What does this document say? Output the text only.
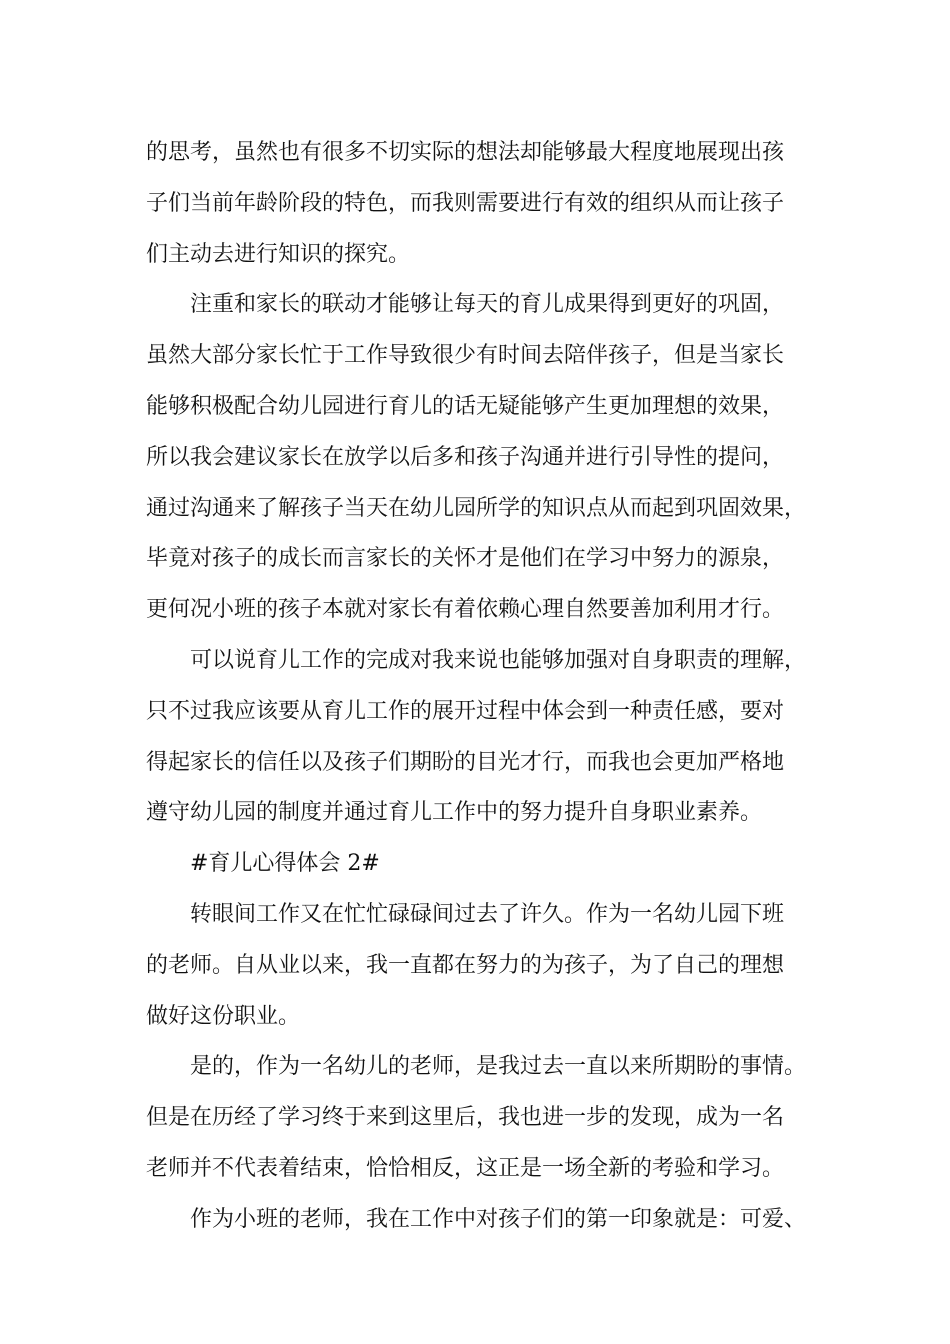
的思考，虽然也有很多不切实际的想法却能够最大程度地展现出孩
子们当前年龄阶段的特色，而我则需要进行有效的组织从而让孩子
们主动去进行知识的探究。
注重和家长的联动才能够让每天的育儿成果得到更好的巩固，
虽然大部分家长忙于工作导致很少有时间去陪伴孩子，但是当家长
能够积极配合幼儿园进行育儿的话无疑能够产生更加理想的效果，
所以我会建议家长在放学以后多和孩子沟通并进行引导性的提问，
通过沟通来了解孩子当天在幼儿园所学的知识点从而起到巩固效果，
毕竟对孩子的成长而言家长的关怀才是他们在学习中努力的源泉，
更何况小班的孩子本就对家长有着依赖心理自然要善加利用才行。
可以说育儿工作的完成对我来说也能够加强对自身职责的理解，
只不过我应该要从育儿工作的展开过程中体会到一种责任感，要对
得起家长的信任以及孩子们期盼的目光才行，而我也会更加严格地
遵守幼儿园的制度并通过育儿工作中的努力提升自身职业素养。
#育儿心得体会 2#
转眼间工作又在忙忙碌碌间过去了许久。作为一名幼儿园下班
的老师。自从业以来，我一直都在努力的为孩子，为了自己的理想
做好这份职业。
是的，作为一名幼儿的老师，是我过去一直以来所期盼的事情。
但是在历经了学习终于来到这里后，我也进一步的发现，成为一名
老师并不代表着结束，恰恰相反，这正是一场全新的考验和学习。
作为小班的老师，我在工作中对孩子们的第一印象就是：可爱、
